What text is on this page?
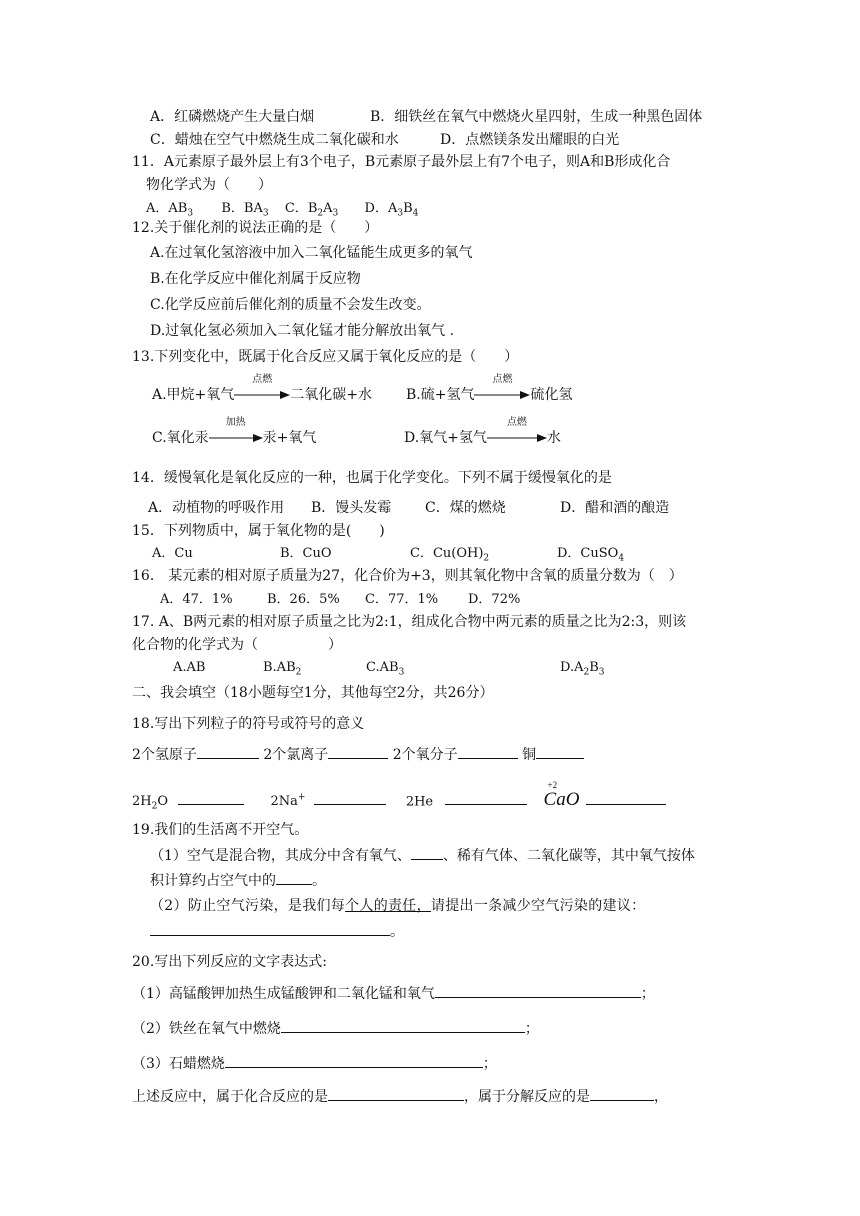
A．红磷燃烧产生大量白烟	B．细铁丝在氧气中燃烧火星四射，生成一种黑色固体
C．蜡烛在空气中燃烧生成二氧化碳和水	D．点燃镁条发出耀眼的白光
11．A元素原子最外层上有3个电子，B元素原子最外层上有7个电子，则A和B形成化合
物化学式为（　　）
A．$AB_3$ B．$BA_3$ C．$B_2A_3$ D．$A_3B_4$
12.关于催化剂的说法正确的是（　　）
A.在过氧化氢溶液中加入二氧化锰能生成更多的氧气
B.在化学反应中催化剂属于反应物
C.化学反应前后催化剂的质量不会发生改变。
D.过氧化氢必须加入二氧化锰才能分解放出氧气 .
13.下列变化中，既属于化合反应又属于氧化反应的是（　　）
A.甲烷+氧气
点燃
二氧化碳+水 B.硫+氢气
点燃
硫化氢
C.氧化汞
加热
汞+氧气	D.氧气+氢气
点燃
水
14．缓慢氧化是氧化反应的一种，也属于化学变化。下列不属于缓慢氧化的是
A．动植物的呼吸作用 B．馒头发霉 C．煤的燃烧	D．醋和酒的酿造
15．下列物质中，属于氧化物的是(　　)
A．Cu	B．CuO	C．$Cu(OH)_2$	D．CuSO$_4$
16． 某元素的相对原子质量为27，化合价为+3，则其氧化物中含氧的质量分数为（　）
A．47．1%	B．26．5% C．77．1% D．72%
17. A、B两元素的相对原子质量之比为2:1，组成化合物中两元素的质量之比为2:3，则该
化合物的化学式为（　　　　　）
A.AB	$B.AB_2$	$C.AB_3$	$D.A_2B_3$
二、我会填空（18小题每空1分，其他每空2分，共26分）
18.写出下列粒子的符号或符号的意义
2个氢原子	2个氯离子	2个氧分子	铜
$2H_2O$	2Na+	2He
+2
CaO
19.我们的生活离不开空气。
（1）空气是混合物，其成分中含有氧气、 、稀有气体、二氧化碳等，其中氧气按体
积计算约占空气中的	。
（2）防止空气污染，是我们每个人的责任，请提出一条减少空气污染的建议：
。
20.写出下列反应的文字表达式:
（1）高锰酸钾加热生成锰酸钾和二氧化锰和氧气	；
（2）铁丝在氧气中燃烧	；
（3）石蜡燃烧	；
上述反应中，属于化合反应的是	，属于分解反应的是	，
